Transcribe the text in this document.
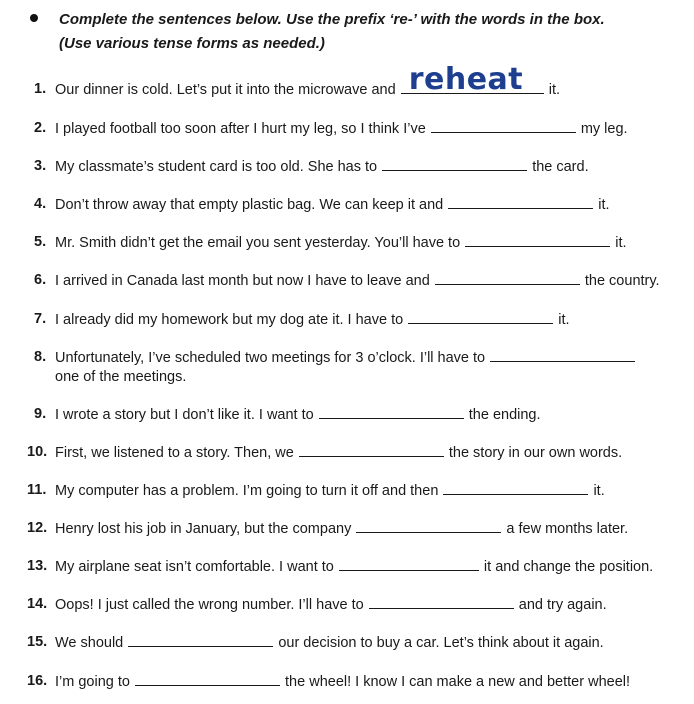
Complete the sentences below. Use the prefix ‘re-’ with the words in the box.
(Use various tense forms as needed.)
1. Our dinner is cold. Let’s put it into the microwave and reheat it.
2. I played football too soon after I hurt my leg, so I think I’ve	my leg.
3. My classmate’s student card is too old. She has to	the card.
4. Don’t throw away that empty plastic bag. We can keep it and	it.
5. Mr. Smith didn’t get the email you sent yesterday. You’ll have to	it.
6. I arrived in Canada last month but now I have to leave and	the country.
7. I already did my homework but my dog ate it. I have to	it.
8. Unfortunately, I’ve scheduled two meetings for 3 o’clock. I’ll have to
one of the meetings.
9. I wrote a story but I don’t like it. I want to	the ending.
10. First, we listened to a story. Then, we	the story in our own words.
11. My computer has a problem. I’m going to turn it off and then	it.
12. Henry lost his job in January, but the company	a few months later.
13. My airplane seat isn’t comfortable. I want to	it and change the position.
14. Oops! I just called the wrong number. I’ll have to	and try again.
15. We should	our decision to buy a car. Let’s think about it again.
16. I’m going to	the wheel! I know I can make a new and better wheel!
